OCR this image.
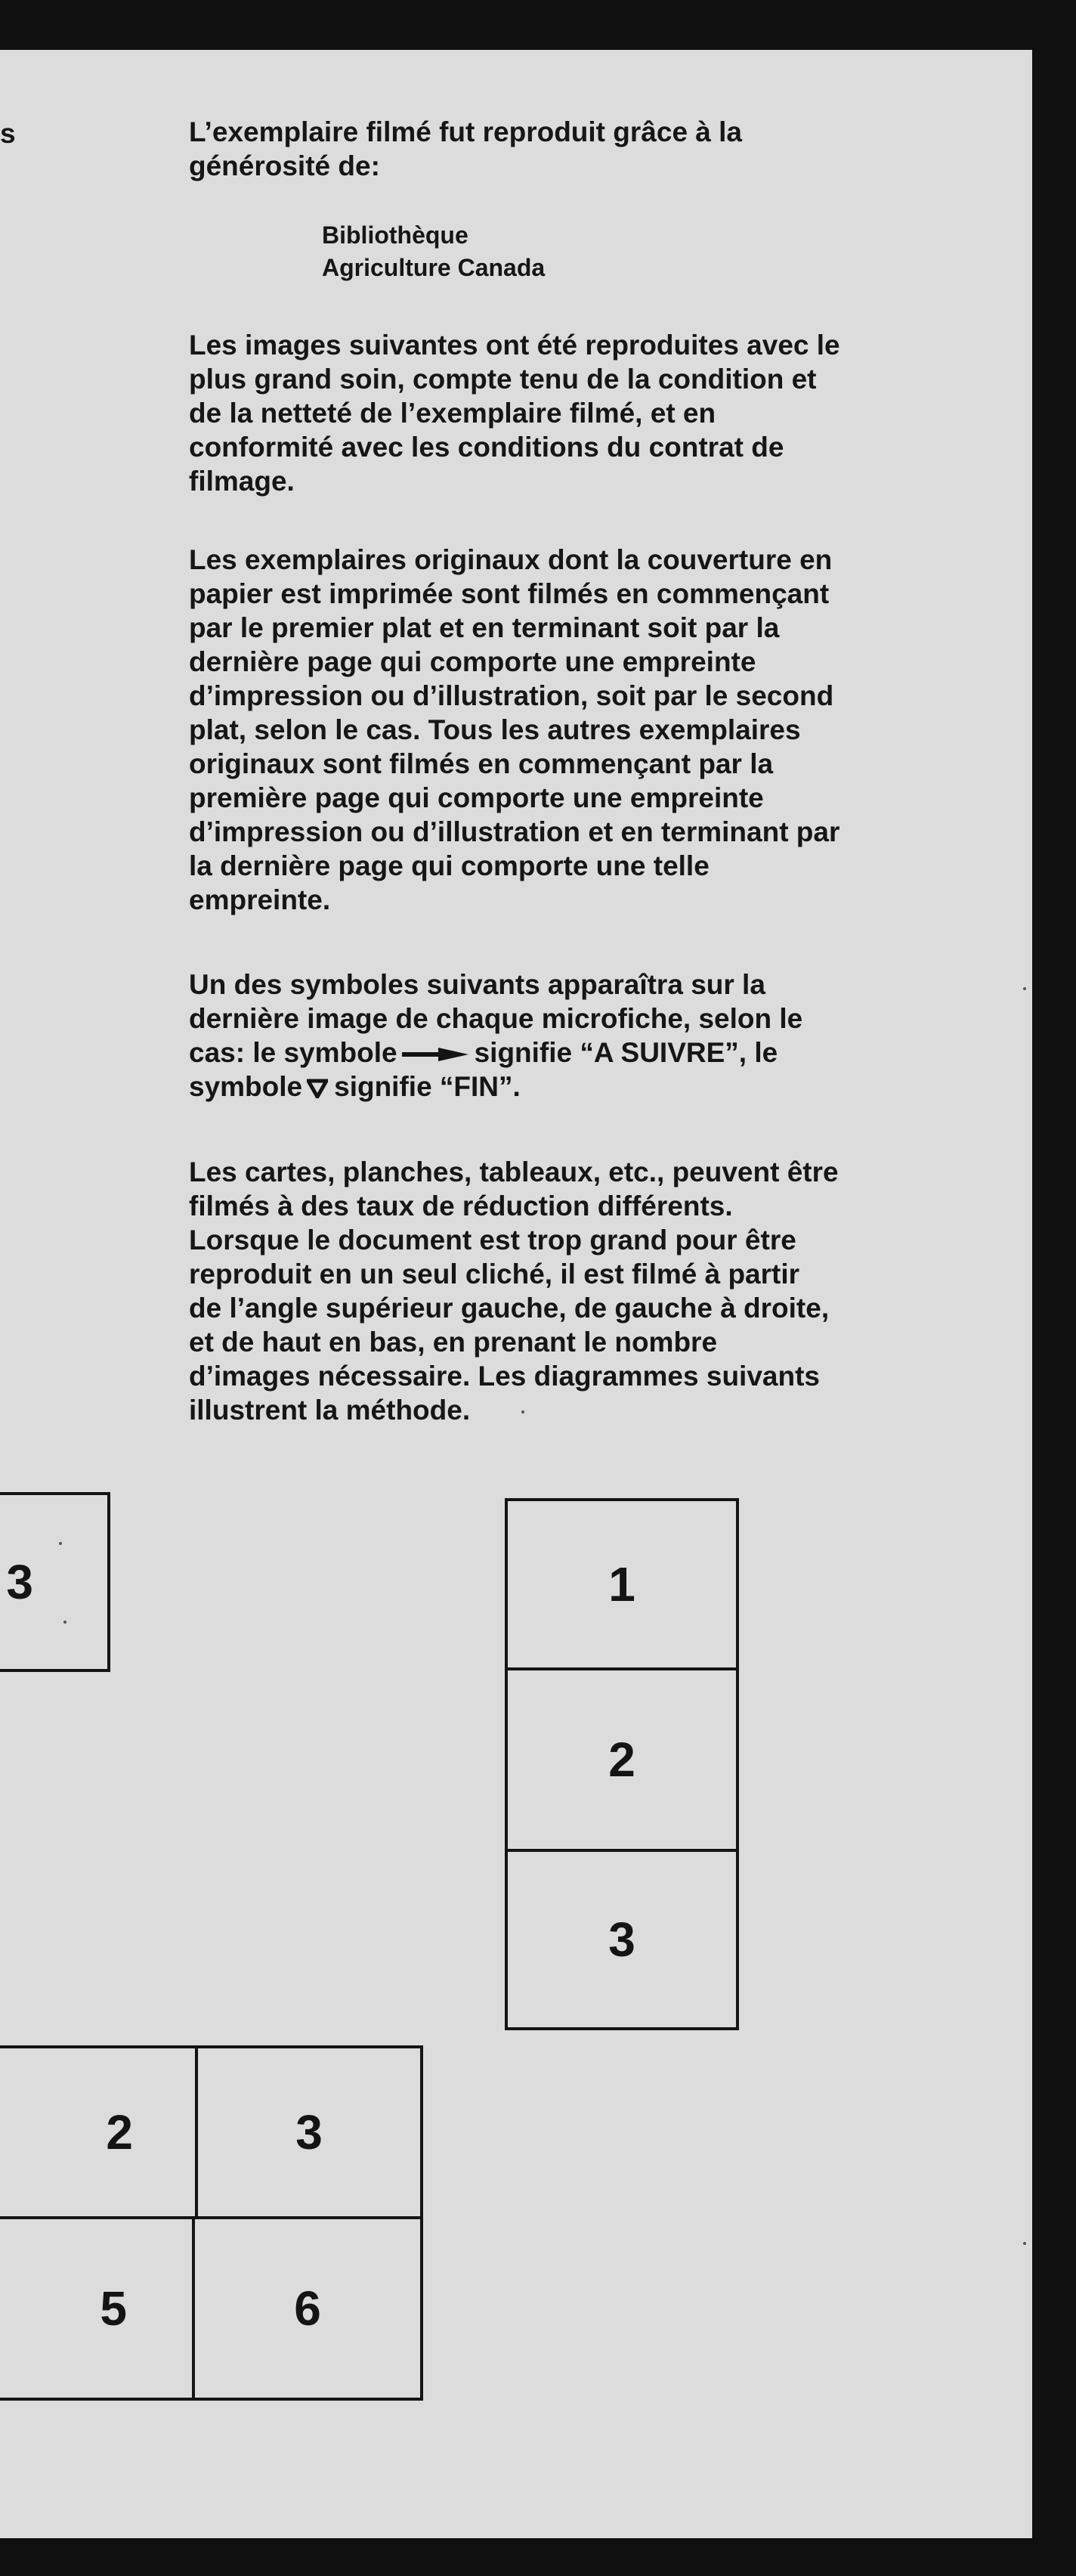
s	L’exemplaire filmé fut reproduit grâce à la
générosité de:
Bibliothèque
Agriculture Canada
Les images suivantes ont été reproduites avec le
plus grand soin, compte tenu de la condition et
de la netteté de l’exemplaire filmé, et en
conformité avec les conditions du contrat de
filmage.
Les exemplaires originaux dont la couverture en
papier est imprimée sont filmés en commençant
par le premier plat et en terminant soit par la
dernière page qui comporte une empreinte
d’impression ou d’illustration, soit par le second
plat, selon le cas. Tous les autres exemplaires
originaux sont filmés en commençant par la
première page qui comporte une empreinte
d’impression ou d’illustration et en terminant par
la dernière page qui comporte une telle
empreinte.
Un des symboles suivants apparaîtra sur la
dernière image de chaque microfiche, selon le
cas: le symbole	signifie “A SUIVRE”, le
symbole signifie “FIN”.
Les cartes, planches, tableaux, etc., peuvent être
filmés à des taux de réduction différents.
Lorsque le document est trop grand pour être
reproduit en un seul cliché, il est filmé à partir
de l’angle supérieur gauche, de gauche à droite,
et de haut en bas, en prenant le nombre
d’images nécessaire. Les diagrammes suivants
illustrent la méthode.
3	1
2
3
2	3
5	6
